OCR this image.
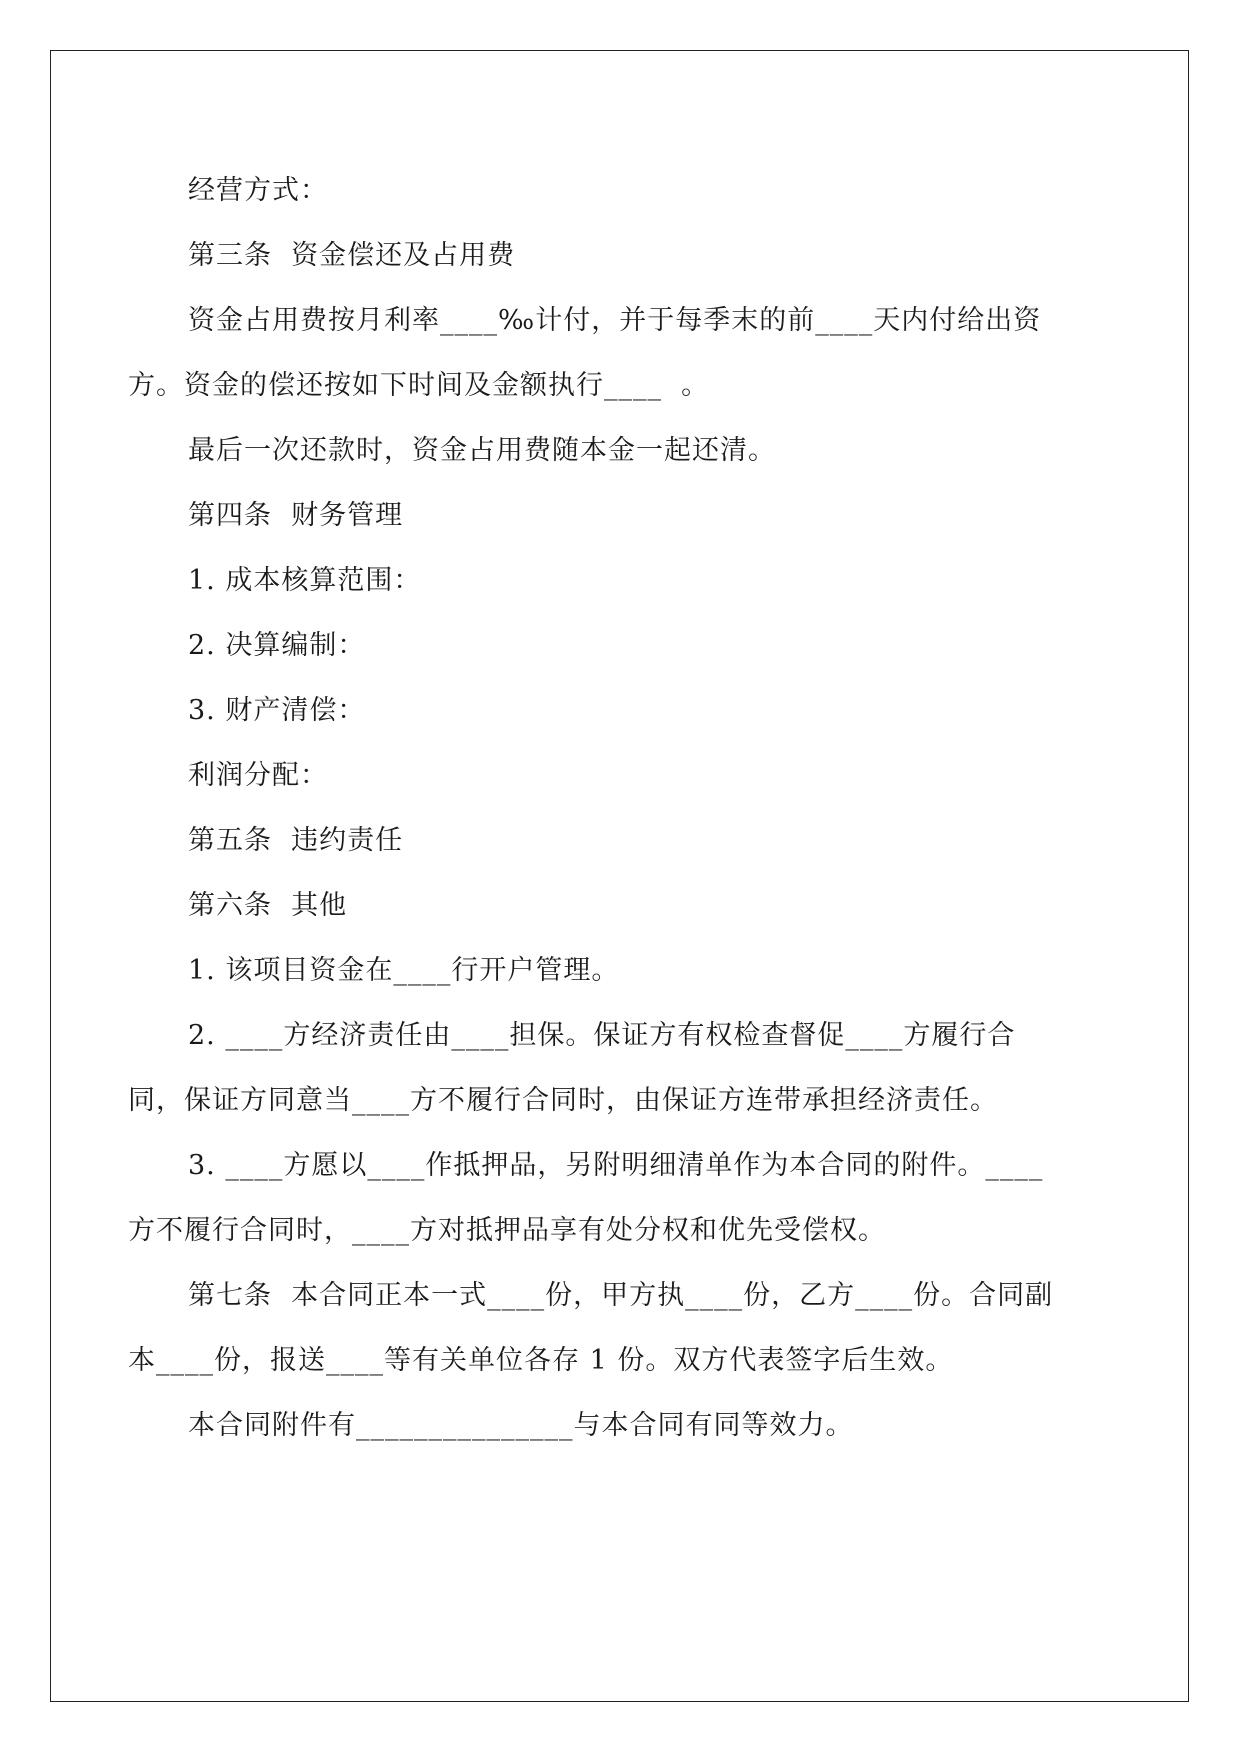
经营方式：

第三条  资金偿还及占用费

资金占用费按月利率____‰计付，并于每季末的前____天内付给出资方。资金的偿还按如下时间及金额执行____  。

最后一次还款时，资金占用费随本金一起还清。

第四条  财务管理

1. 成本核算范围：

2. 决算编制：

3. 财产清偿：

利润分配：

第五条  违约责任

第六条  其他

1. 该项目资金在____行开户管理。

2. ____方经济责任由____担保。保证方有权检查督促____方履行合同，保证方同意当____方不履行合同时，由保证方连带承担经济责任。

3. ____方愿以____作抵押品，另附明细清单作为本合同的附件。____方不履行合同时，____方对抵押品享有处分权和优先受偿权。

第七条  本合同正本一式____份，甲方执____份，乙方____份。合同副本____份，报送____等有关单位各存 1 份。双方代表签字后生效。

本合同附件有_______________与本合同有同等效力。
